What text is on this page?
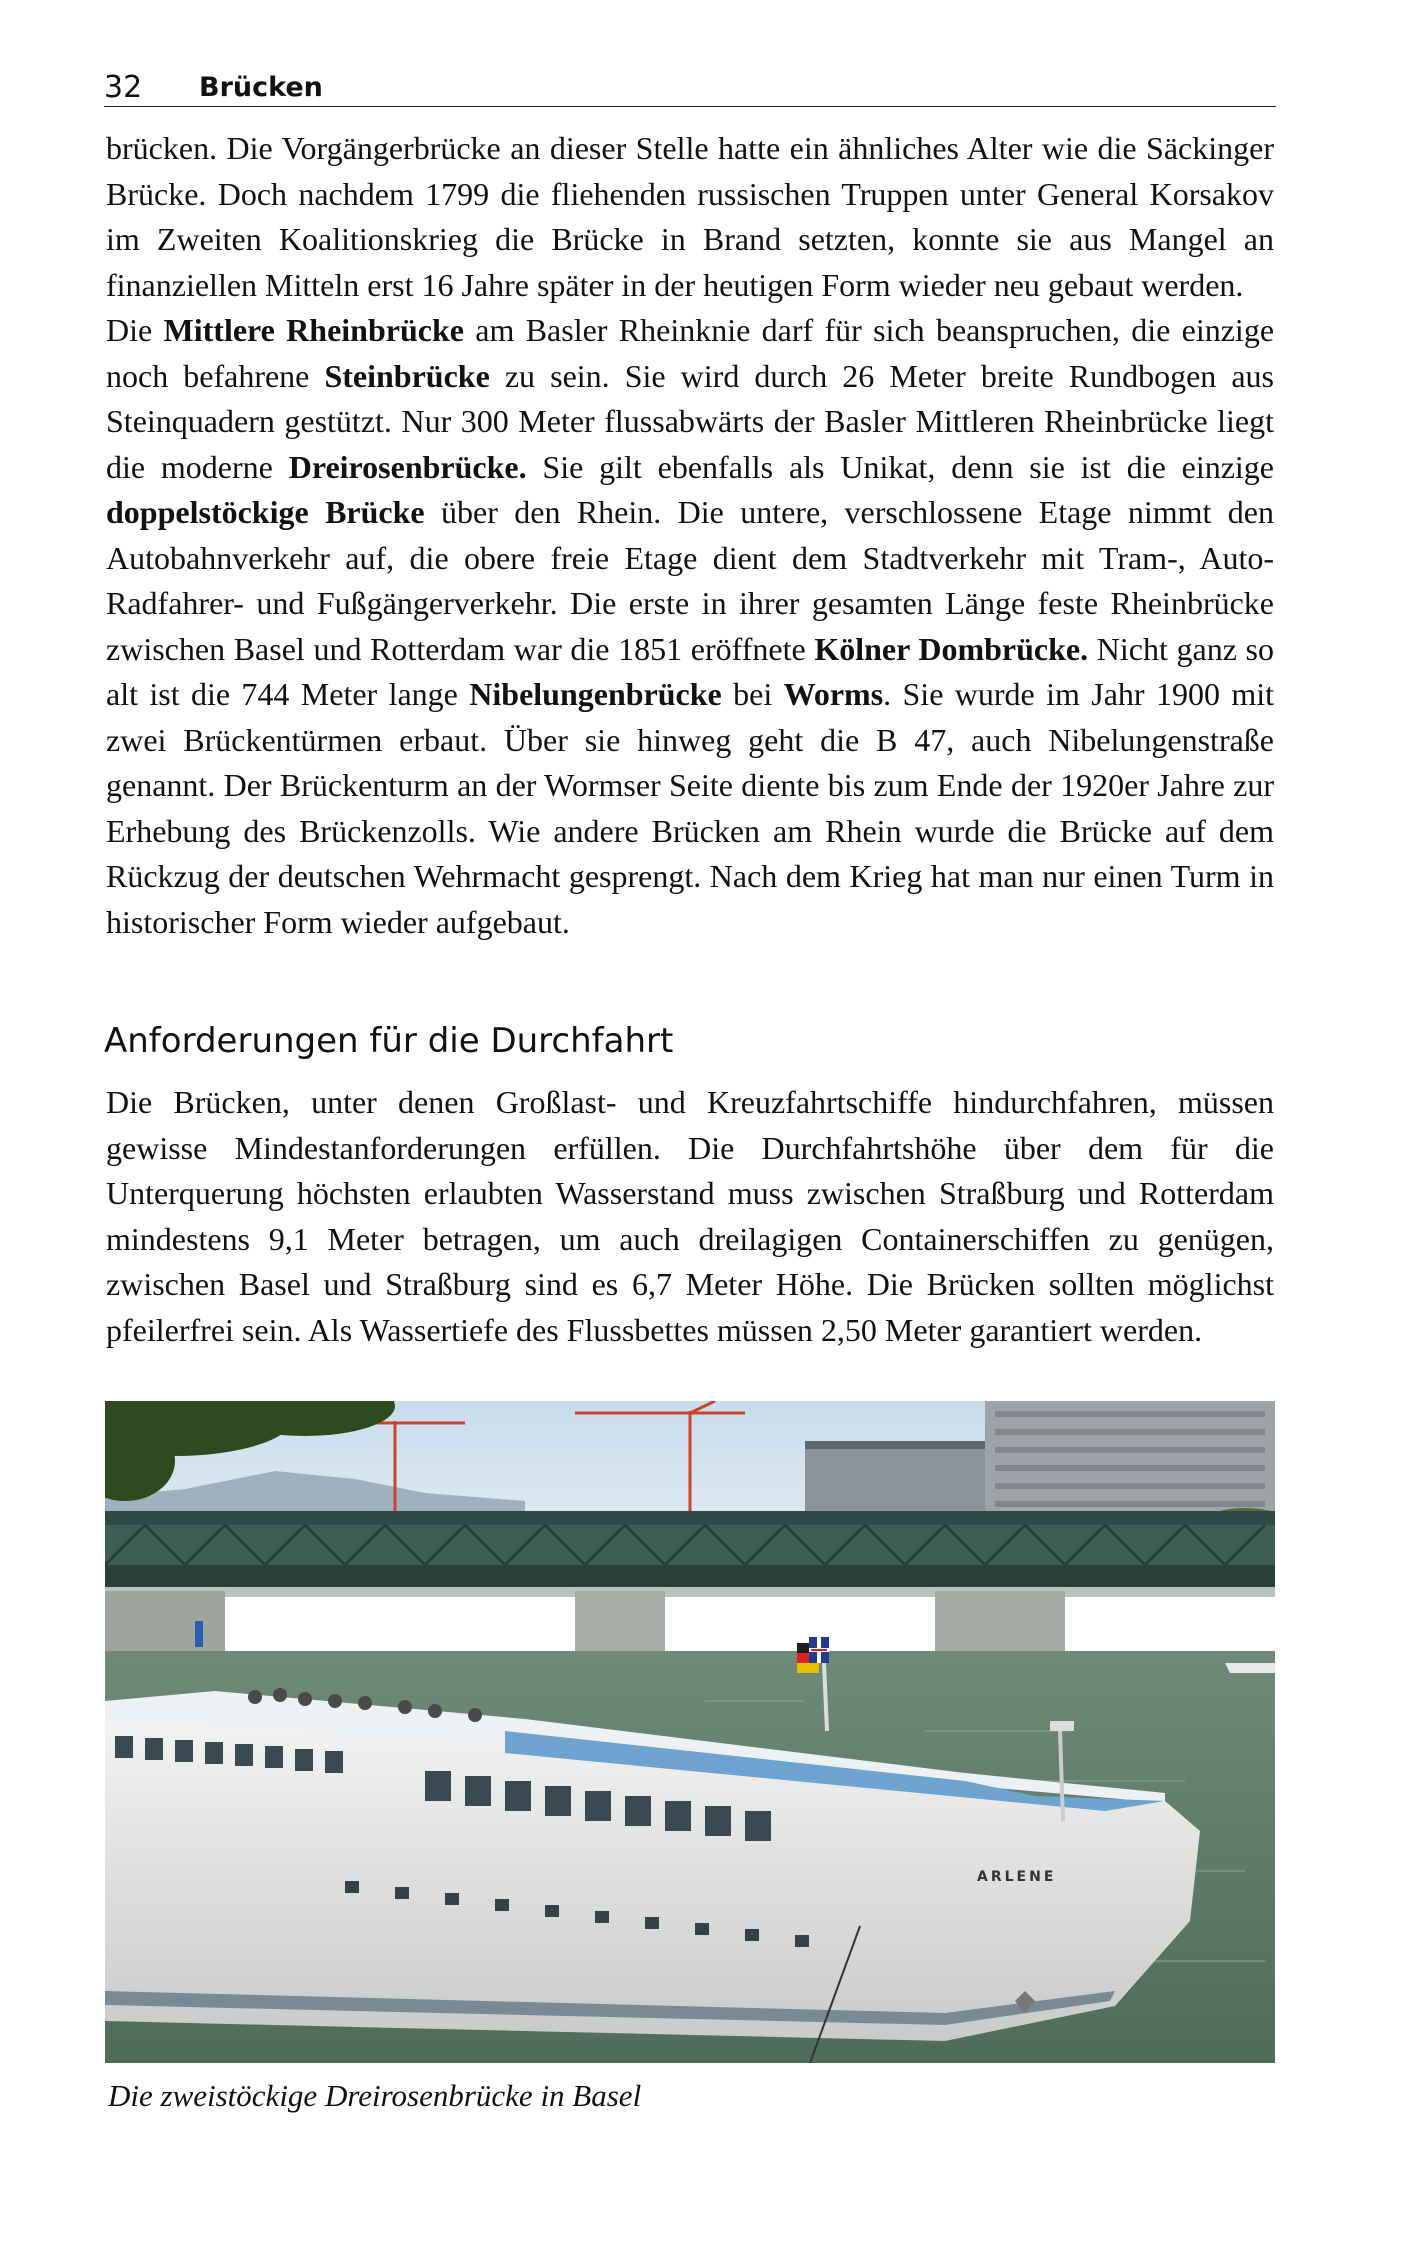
32 Brücken

brücken. Die Vorgängerbrücke an dieser Stelle hatte ein ähnliches Alter wie die Säckinger Brücke. Doch nachdem 1799 die fliehenden russischen Truppen unter General Korsakov im Zweiten Koalitionskrieg die Brücke in Brand setzten, konnte sie aus Mangel an finanziellen Mitteln erst 16 Jahre später in der heutigen Form wieder neu gebaut werden.

Die Mittlere Rheinbrücke am Basler Rheinknie darf für sich beanspruchen, die einzige noch befahrene Steinbrücke zu sein. Sie wird durch 26 Meter breite Rundbogen aus Steinquadern gestützt. Nur 300 Meter flussabwärts der Basler Mittleren Rheinbrücke liegt die moderne Dreirosenbrücke. Sie gilt ebenfalls als Unikat, denn sie ist die einzige doppelstöckige Brücke über den Rhein. Die untere, verschlossene Etage nimmt den Autobahnverkehr auf, die obere freie Etage dient dem Stadtverkehr mit Tram-, Auto- Radfahrer- und Fußgängerverkehr. Die erste in ihrer gesamten Länge feste Rheinbrücke zwischen Basel und Rotterdam war die 1851 eröffnete Kölner Dombrücke. Nicht ganz so alt ist die 744 Meter lange Nibelungenbrücke bei Worms. Sie wurde im Jahr 1900 mit zwei Brückentürmen erbaut. Über sie hinweg geht die B 47, auch Nibelungenstraße genannt. Der Brückenturm an der Wormser Seite diente bis zum Ende der 1920er Jahre zur Erhebung des Brückenzolls. Wie andere Brücken am Rhein wurde die Brücke auf dem Rückzug der deutschen Wehrmacht gesprengt. Nach dem Krieg hat man nur einen Turm in historischer Form wieder aufgebaut.

Anforderungen für die Durchfahrt

Die Brücken, unter denen Großlast- und Kreuzfahrtschiffe hindurchfahren, müssen gewisse Mindestanforderungen erfüllen. Die Durchfahrtshöhe über dem für die Unterquerung höchsten erlaubten Wasserstand muss zwischen Straßburg und Rotterdam mindestens 9,1 Meter betragen, um auch dreilagigen Containerschiffen zu genügen, zwischen Basel und Straßburg sind es 6,7 Meter Höhe. Die Brücken sollten möglichst pfeilerfrei sein. Als Wassertiefe des Flussbettes müssen 2,50 Meter garantiert werden.

ARLENE
Die zweistöckige Dreirosenbrücke in Basel
